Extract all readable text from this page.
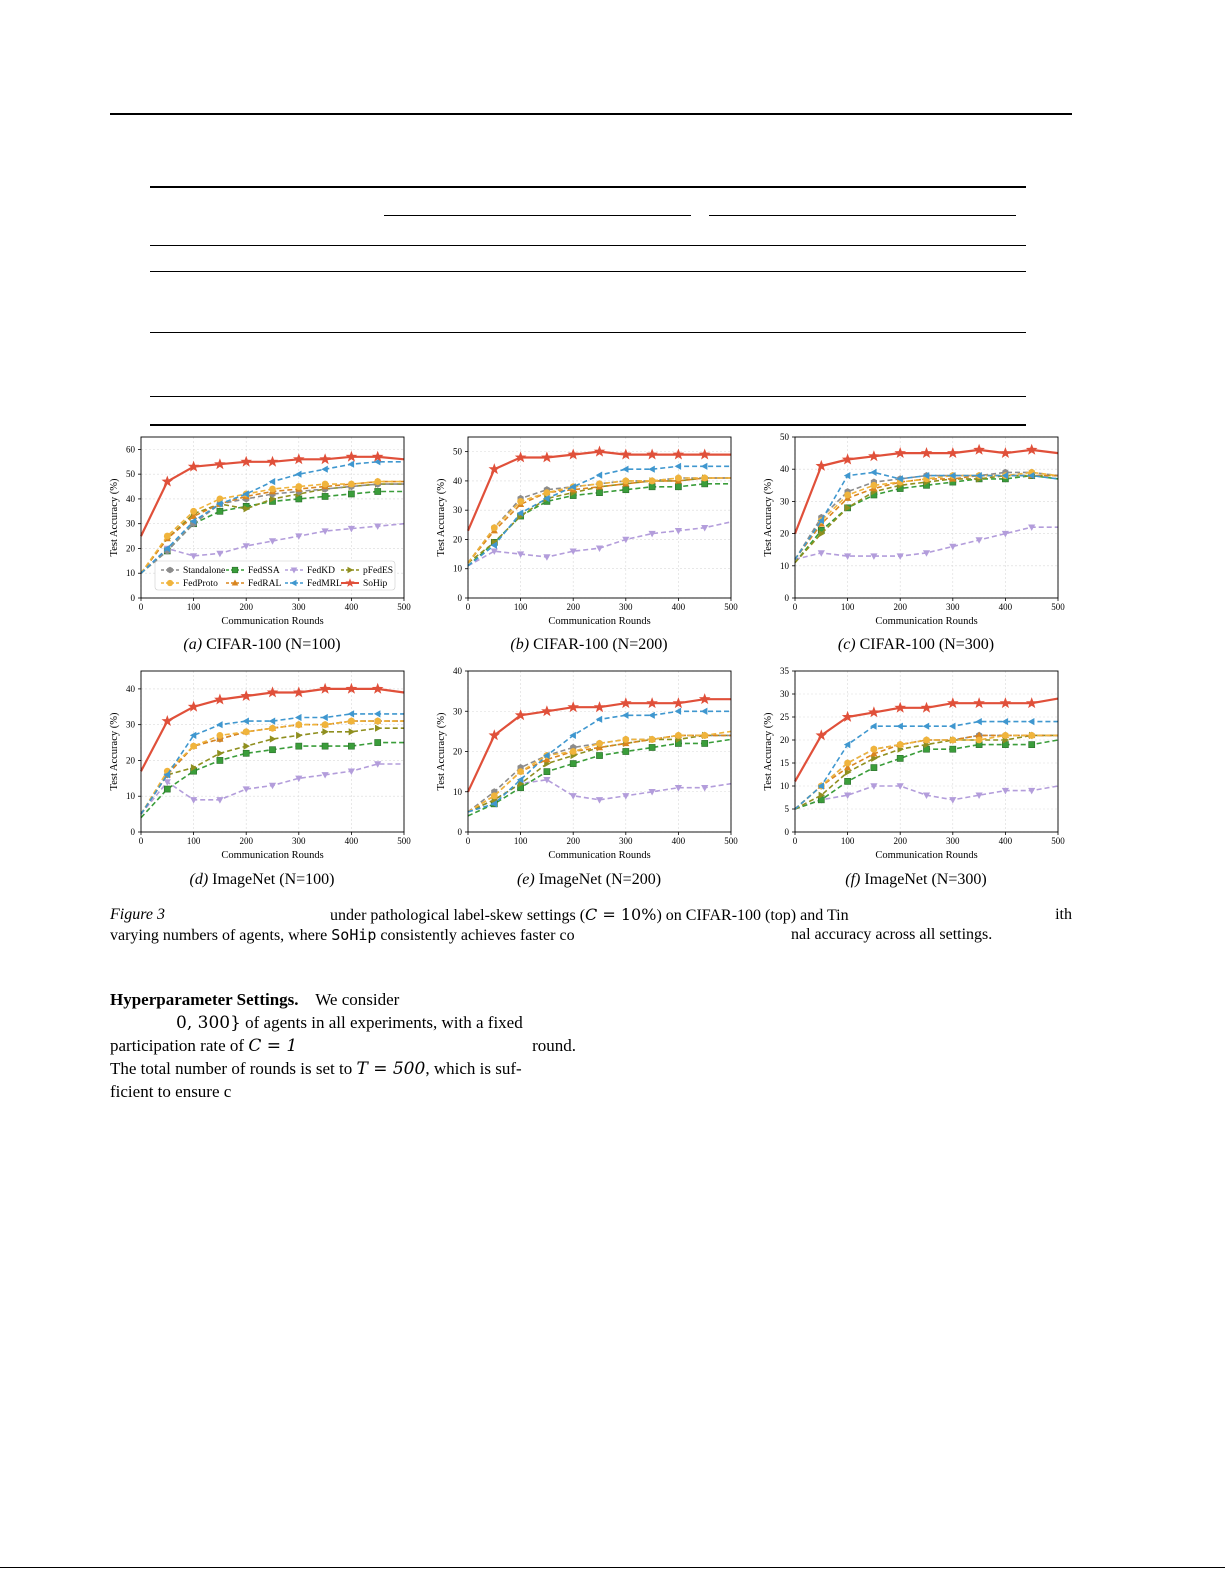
0	100	200	300	400	500
0
10
20
30
40
50
60
Communication Rounds
Test Accuracy (%)
Standalone FedSSA	FedKD	pFedES
FedProto	FedRAL	FedMRL SoHip
0	100	200	300	400	500
0
10
20
30
40
50
Communication Rounds
Test Accuracy (%)
0	100	200	300	400	500
0
10
20
30
40
50
Communication Rounds
Test Accuracy (%)
0	100	200	300	400	500
0
10
20
30
40
Communication Rounds
Test Accuracy (%)
0	100	200	300	400	500
0
10
20
30
40
Communication Rounds
Test Accuracy (%)
0	100	200	300	400	500
0
5
10
15
20
25
30
35
Communication Rounds
Test Accuracy (%)
(a) CIFAR-100 (N=100)	(b) CIFAR-100 (N=200)	(c) CIFAR-100 (N=300)
(d) ImageNet (N=100)	(e) ImageNet (N=200)	(f) ImageNet (N=300)
Figure 3	under pathological label-skew settings (C = 10%) on CIFAR-100 (top) and Tin	ith
varying numbers of agents, where SoHip consistently achieves faster co	nal accuracy across all settings.
Hyperparameter Settings. We consider
0, 300} of agents in all experiments, with a fixed
participation rate of C = 1	round.
The total number of rounds is set to T = 500, which is suf-
ficient to ensure c
